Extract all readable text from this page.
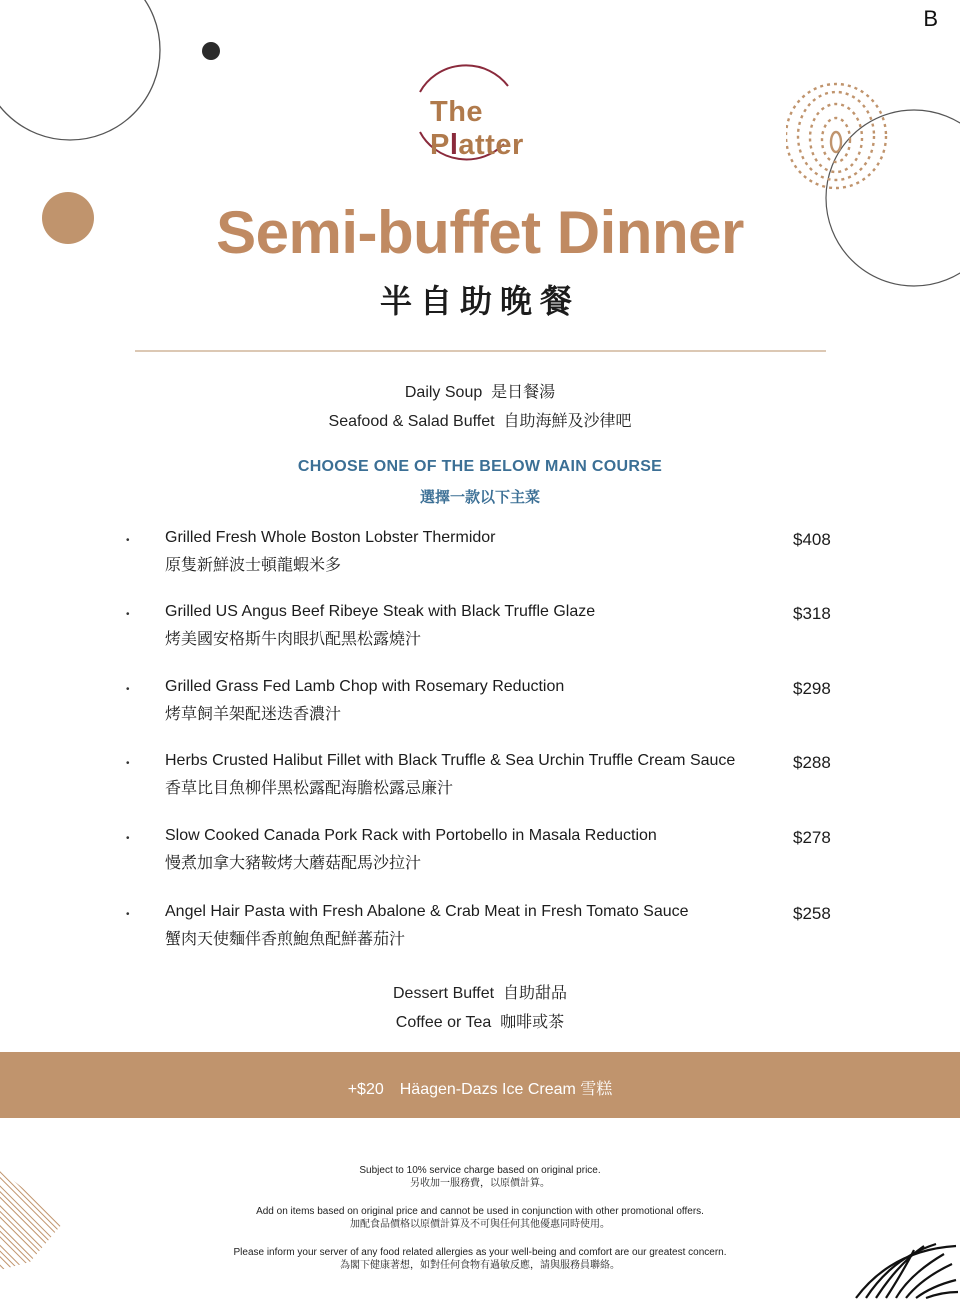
B
The Platter
Semi-buffet Dinner
半自助晚餐
Daily Soup 是日餐湯
Seafood & Salad Buffet 自助海鮮及沙律吧
CHOOSE ONE OF THE BELOW MAIN COURSE
選擇一款以下主菜
• Grilled Fresh Whole Boston Lobster Thermidor
原隻新鮮波士頓龍蝦米多
$408
• Grilled US Angus Beef Ribeye Steak with Black Truffle Glaze
烤美國安格斯牛肉眼扒配黑松露燒汁
$318
• Grilled Grass Fed Lamb Chop with Rosemary Reduction
烤草飼羊架配迷迭香濃汁
$298
• Herbs Crusted Halibut Fillet with Black Truffle & Sea Urchin Truffle Cream Sauce
香草比目魚柳伴黑松露配海膽松露忌廉汁
$288
• Slow Cooked Canada Pork Rack with Portobello in Masala Reduction
慢煮加拿大豬鞍烤大蘑菇配馬沙拉汁
$278
• Angel Hair Pasta with Fresh Abalone & Crab Meat in Fresh Tomato Sauce
蟹肉天使麵伴香煎鮑魚配鮮蕃茄汁
$258
Dessert Buffet 自助甜品
Coffee or Tea 咖啡或茶
+$20 Häagen-Dazs Ice Cream 雪糕
Subject to 10% service charge based on original price.
另收加一服務費，以原價計算。
Add on items based on original price and cannot be used in conjunction with other promotional offers.
加配食品價格以原價計算及不可與任何其他優惠同時使用。
Please inform your server of any food related allergies as your well-being and comfort are our greatest concern.
為閣下健康著想，如對任何食物有過敏反應，請與服務員聯絡。
